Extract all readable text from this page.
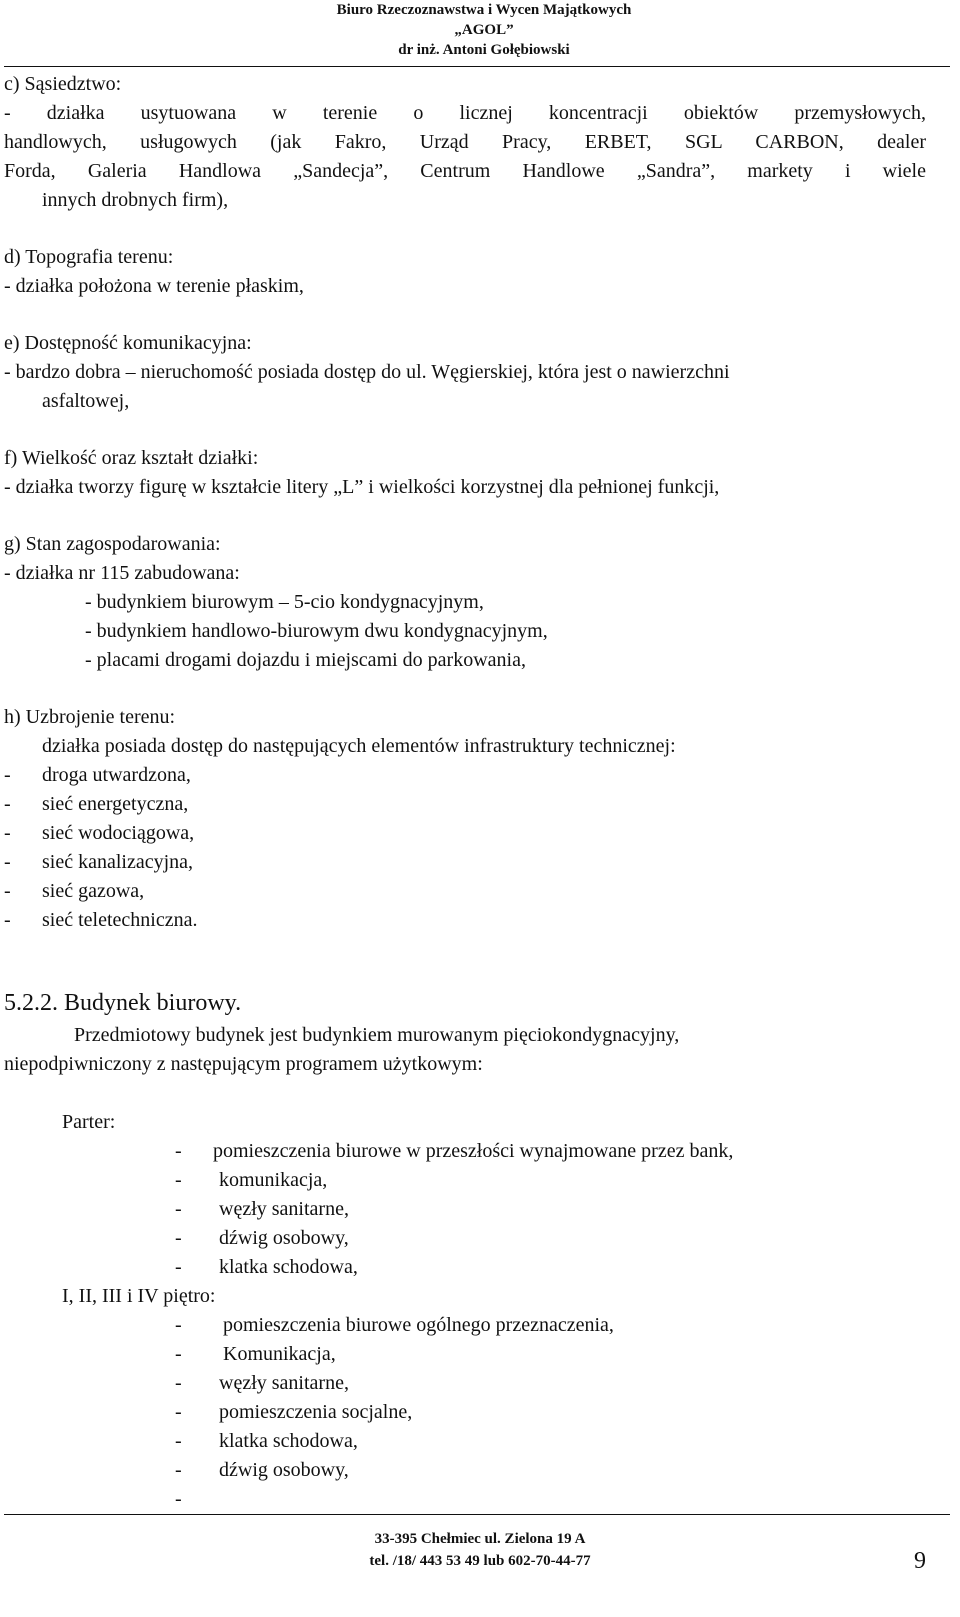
Biuro Rzeczoznawstwa i Wycen Majątkowych
„AGOL”
dr inż. Antoni Gołębiowski
c) Sąsiedztwo:
- działka usytuowana w terenie o licznej koncentracji obiektów przemysłowych,
handlowych, usługowych (jak Fakro, Urząd Pracy, ERBET, SGL CARBON, dealer
Forda, Galeria Handlowa „Sandecja”, Centrum Handlowe „Sandra”, markety i wiele
innych drobnych firm),
d) Topografia terenu:
- działka położona w terenie płaskim,
e) Dostępność komunikacyjna:
- bardzo dobra – nieruchomość posiada dostęp do ul. Węgierskiej, która jest o nawierzchni
asfaltowej,
f) Wielkość oraz kształt działki:
- działka tworzy figurę w kształcie litery „L” i wielkości korzystnej dla pełnionej funkcji,
g) Stan zagospodarowania:
- działka nr 115 zabudowana:
- budynkiem biurowym – 5-cio kondygnacyjnym,
- budynkiem handlowo-biurowym dwu kondygnacyjnym,
- placami drogami dojazdu i miejscami do parkowania,
h) Uzbrojenie terenu:
działka posiada dostęp do następujących elementów infrastruktury technicznej:
- droga utwardzona,
- sieć energetyczna,
- sieć wodociągowa,
- sieć kanalizacyjna,
- sieć gazowa,
- sieć teletechniczna.
5.2.2. Budynek biurowy.
Przedmiotowy budynek jest budynkiem murowanym pięciokondygnacyjny,
niepodpiwniczony z następującym programem użytkowym:
Parter:
- pomieszczenia biurowe w przeszłości wynajmowane przez bank,
- komunikacja,
- węzły sanitarne,
- dźwig osobowy,
- klatka schodowa,
I, II, III i IV piętro:
- pomieszczenia biurowe ogólnego przeznaczenia,
- Komunikacja,
- węzły sanitarne,
- pomieszczenia socjalne,
- klatka schodowa,
- dźwig osobowy,
-
33-395 Chełmiec ul. Zielona 19 A
tel. /18/ 443 53 49 lub 602-70-44-77	9
